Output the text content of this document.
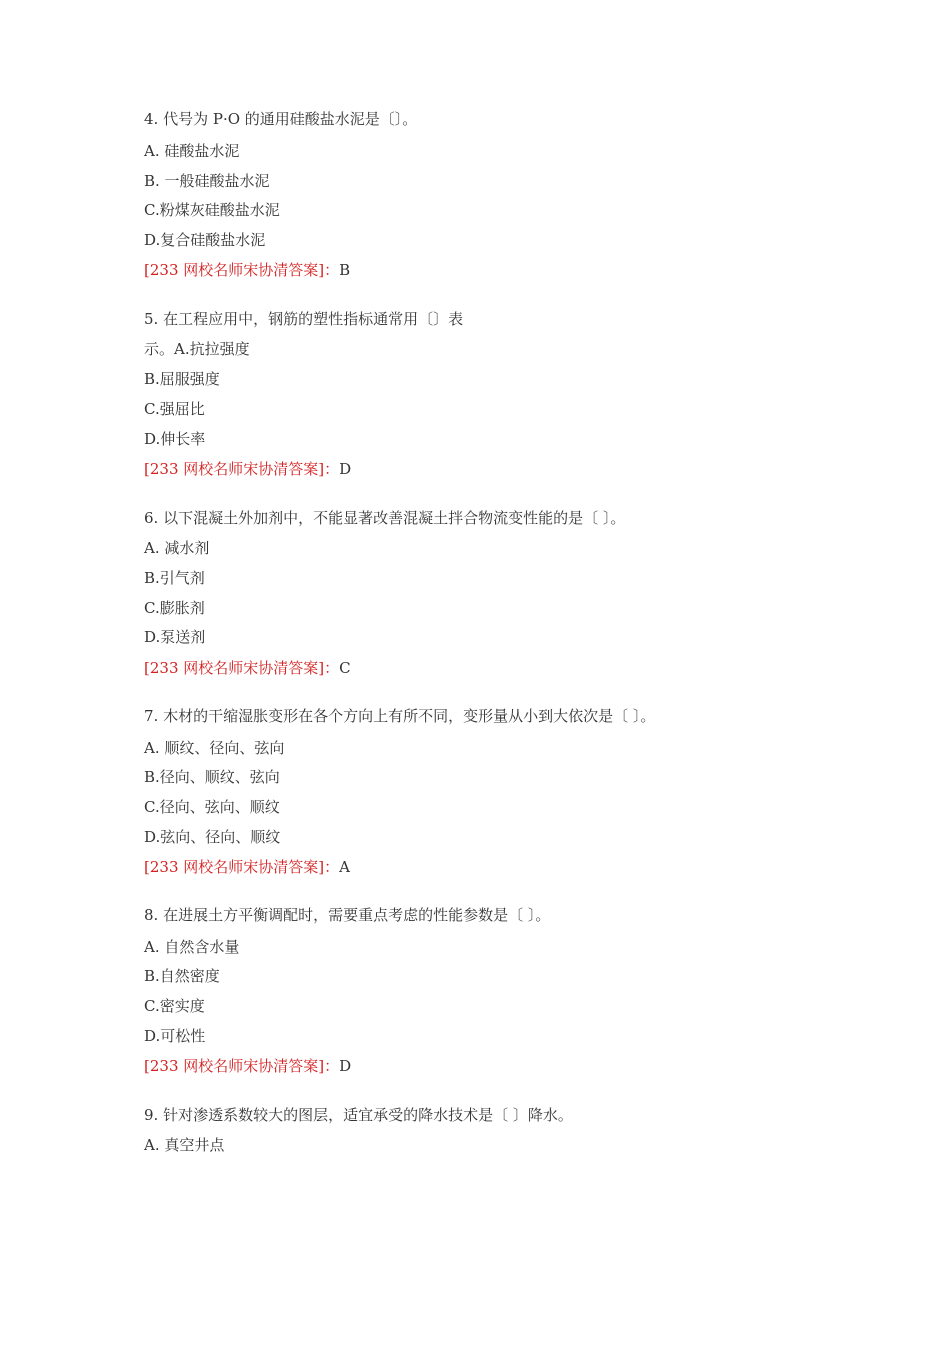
4. 代号为 P·O 的通用硅酸盐水泥是〔〕。
A. 硅酸盐水泥
B. 一般硅酸盐水泥
C.粉煤灰硅酸盐水泥
D.复合硅酸盐水泥
[233 网校名师宋协清答案]：B
5. 在工程应用中，钢筋的塑性指标通常用〔〕表
示。A.抗拉强度
B.屈服强度
C.强屈比
D.伸长率
[233 网校名师宋协清答案]：D
6. 以下混凝土外加剂中，不能显著改善混凝土拌合物流变性能的是〔 〕。
A. 减水剂
B.引气剂
C.膨胀剂
D.泵送剂
[233 网校名师宋协清答案]：C
7. 木材的干缩湿胀变形在各个方向上有所不同，变形量从小到大依次是〔 〕。
A. 顺纹、径向、弦向
B.径向、顺纹、弦向
C.径向、弦向、顺纹
D.弦向、径向、顺纹
[233 网校名师宋协清答案]：A
8. 在进展土方平衡调配时，需要重点考虑的性能参数是〔 〕。
A. 自然含水量
B.自然密度
C.密实度
D.可松性
[233 网校名师宋协清答案]：D
9. 针对渗透系数较大的图层，适宜承受的降水技术是〔 〕降水。
A. 真空井点
